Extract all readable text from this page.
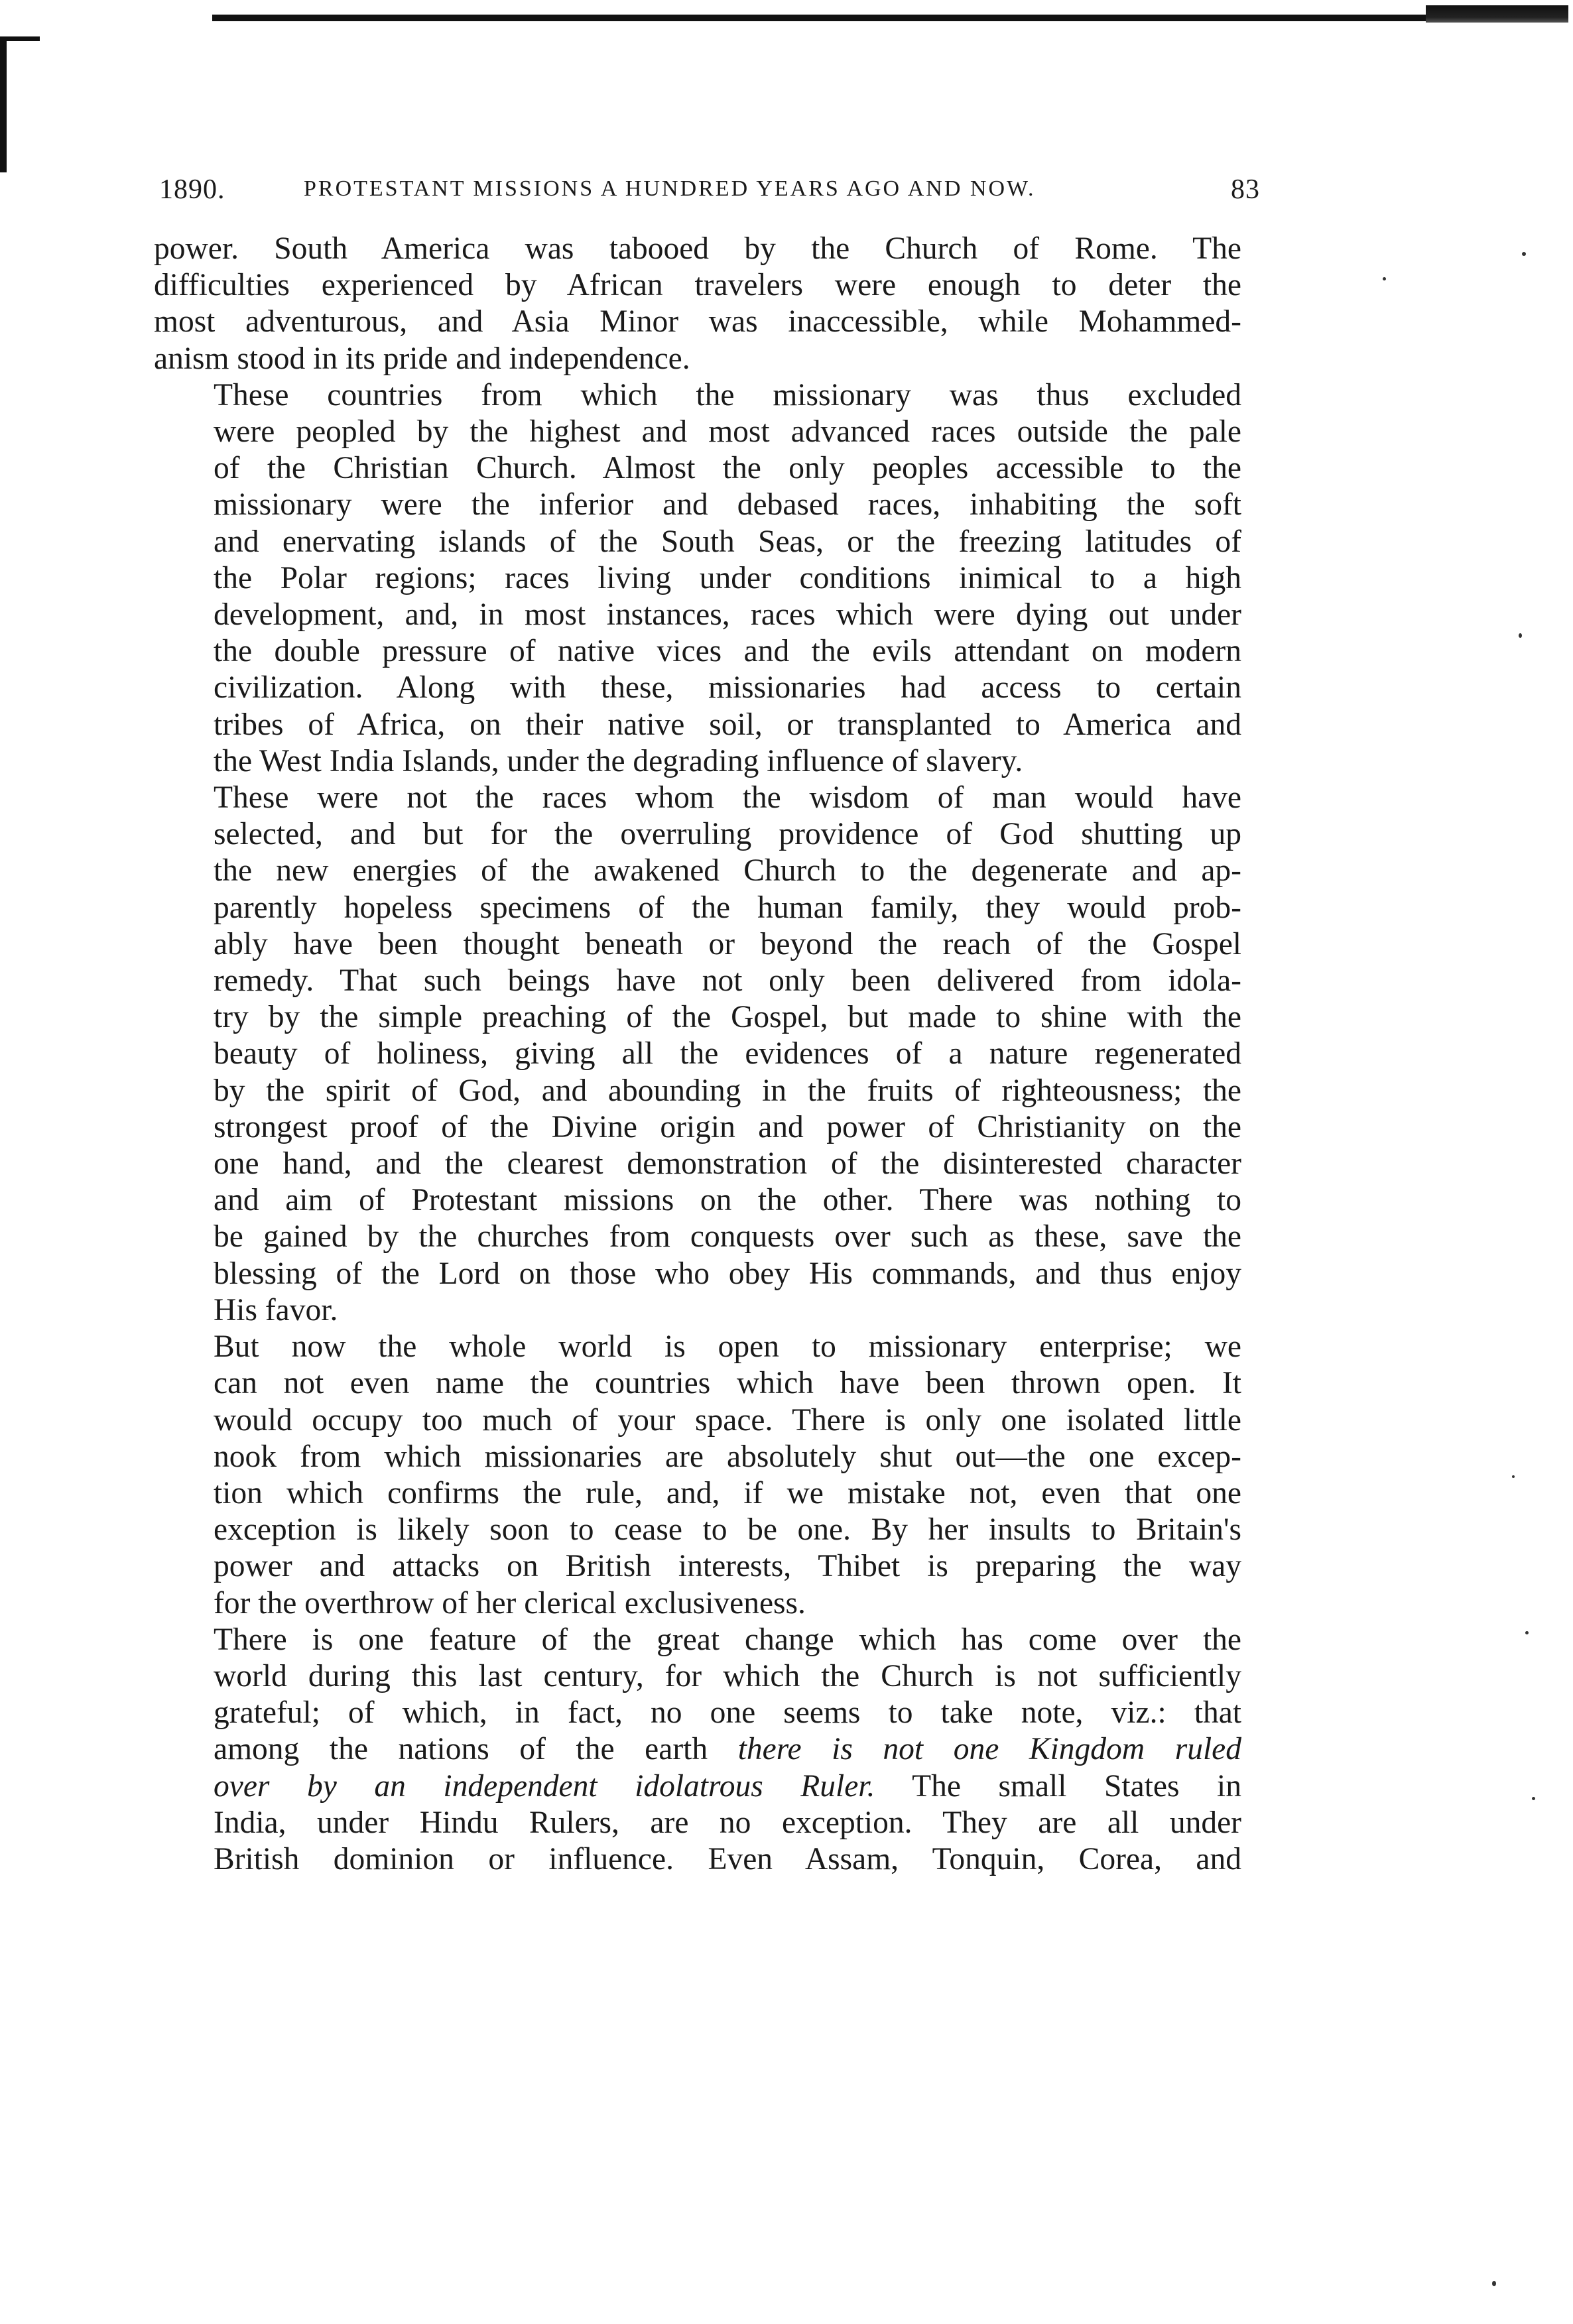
1890.	PROTESTANT MISSIONS A HUNDRED YEARS AGO AND NOW.	83

power. South America was tabooed by the Church of Rome. The
difficulties experienced by African travelers were enough to deter the
most adventurous, and Asia Minor was inaccessible, while Mohammed-
anism stood in its pride and independence.

These countries from which the missionary was thus excluded
were peopled by the highest and most advanced races outside the pale
of the Christian Church. Almost the only peoples accessible to the
missionary were the inferior and debased races, inhabiting the soft
and enervating islands of the South Seas, or the freezing latitudes of
the Polar regions; races living under conditions inimical to a high
development, and, in most instances, races which were dying out under
the double pressure of native vices and the evils attendant on modern
civilization. Along with these, missionaries had access to certain
tribes of Africa, on their native soil, or transplanted to America and
the West India Islands, under the degrading influence of slavery.

These were not the races whom the wisdom of man would have
selected, and but for the overruling providence of God shutting up
the new energies of the awakened Church to the degenerate and ap-
parently hopeless specimens of the human family, they would prob-
ably have been thought beneath or beyond the reach of the Gospel
remedy. That such beings have not only been delivered from idola-
try by the simple preaching of the Gospel, but made to shine with the
beauty of holiness, giving all the evidences of a nature regenerated
by the spirit of God, and abounding in the fruits of righteousness; the
strongest proof of the Divine origin and power of Christianity on the
one hand, and the clearest demonstration of the disinterested character
and aim of Protestant missions on the other. There was nothing to
be gained by the churches from conquests over such as these, save the
blessing of the Lord on those who obey His commands, and thus enjoy
His favor.

But now the whole world is open to missionary enterprise; we
can not even name the countries which have been thrown open. It
would occupy too much of your space. There is only one isolated little
nook from which missionaries are absolutely shut out—the one excep-
tion which confirms the rule, and, if we mistake not, even that one
exception is likely soon to cease to be one. By her insults to Britain's
power and attacks on British interests, Thibet is preparing the way
for the overthrow of her clerical exclusiveness.

There is one feature of the great change which has come over the
world during this last century, for which the Church is not sufficiently
grateful; of which, in fact, no one seems to take note, viz.: that
among the nations of the earth there is not one Kingdom ruled
over by an independent idolatrous Ruler. The small States in
India, under Hindu Rulers, are no exception. They are all under
British dominion or influence. Even Assam, Tonquin, Corea, and
